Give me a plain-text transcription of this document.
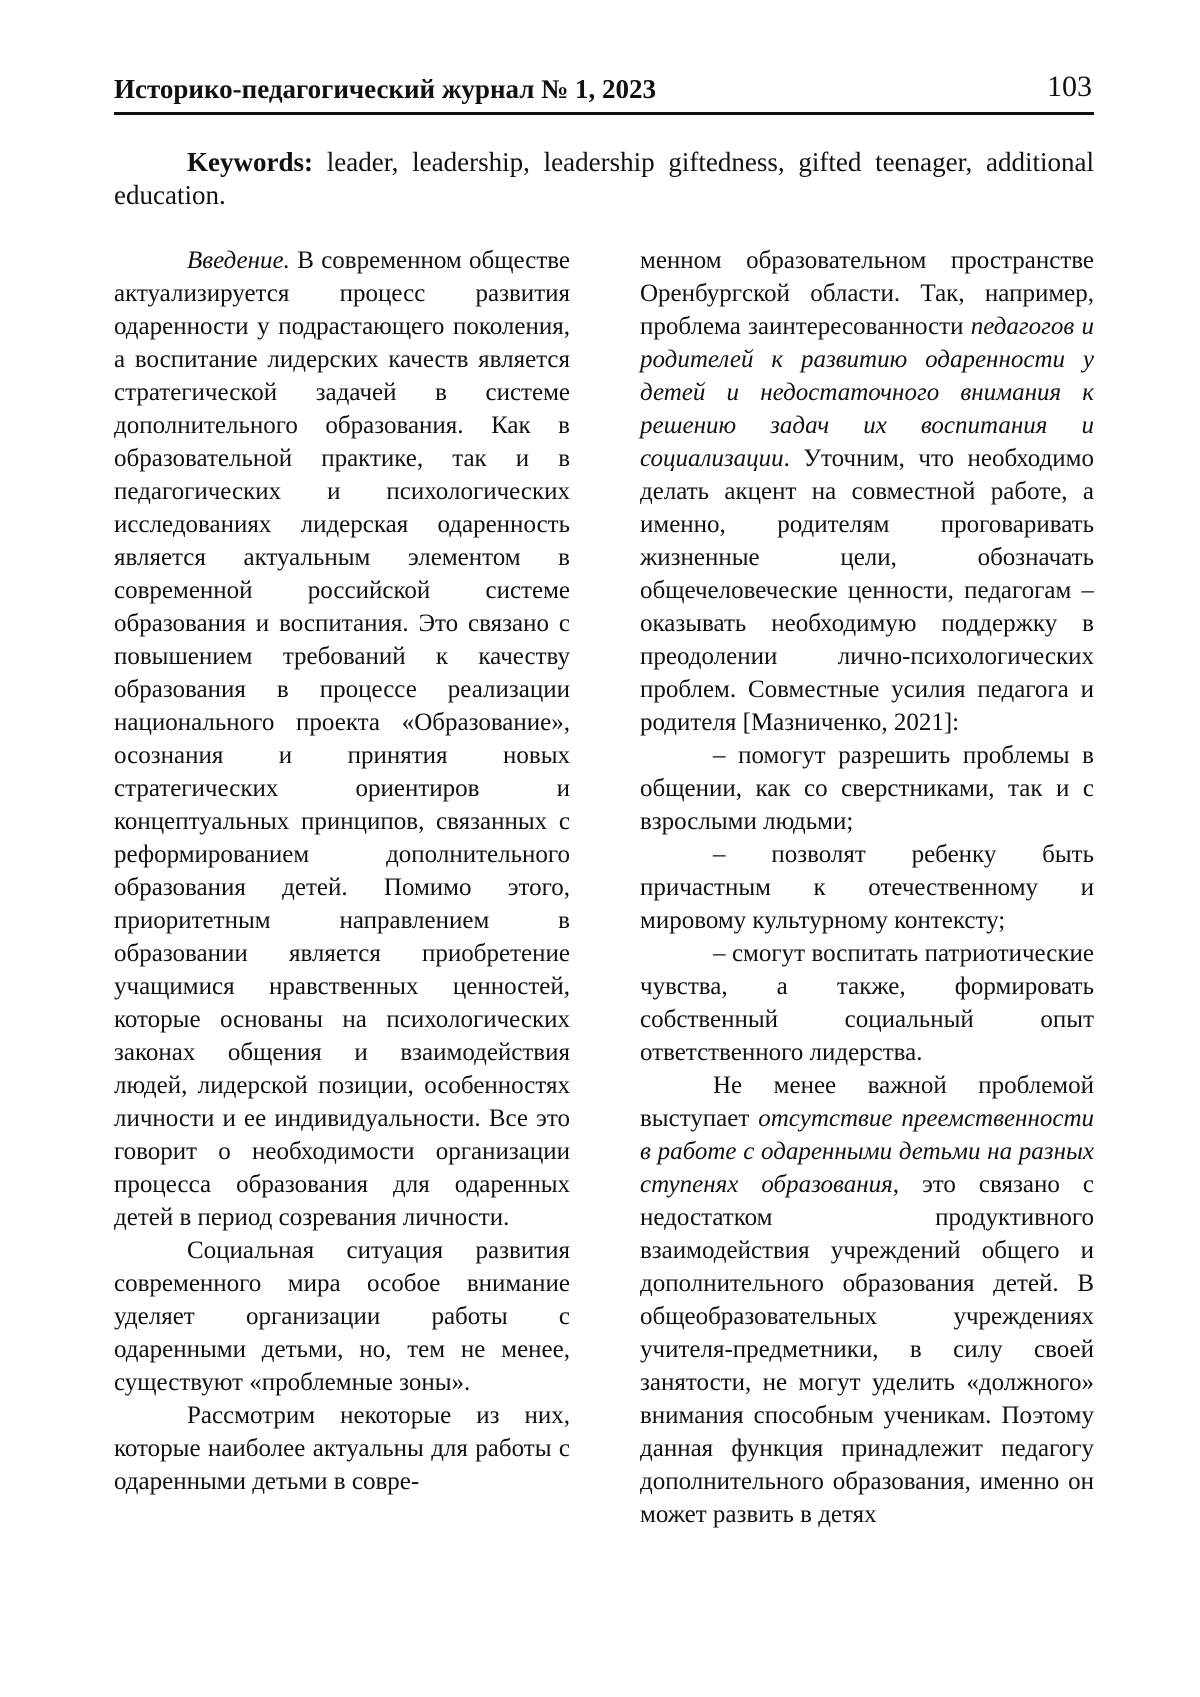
Историко-педагогический журнал № 1, 2023	103
Keywords: leader, leadership, leadership giftedness, gifted teenager, additional education.

Введение. В современном обществе актуализируется процесс развития одаренности у подрастающего поколения, а воспитание лидерских качеств является стратегической задачей в системе дополнительного образования. Как в образовательной практике, так и в педагогических и психологических исследованиях лидерская одаренность является актуальным элементом в современной российской системе образования и воспитания. Это связано с повышением требований к качеству образования в процессе реализации национального проекта «Образование», осознания и принятия новых стратегических ориентиров и концептуальных принципов, связанных с реформированием дополнительного образования детей. Помимо этого, приоритетным направлением в образовании является приобретение учащимися нравственных ценностей, которые основаны на психологических законах общения и взаимодействия людей, лидерской позиции, особенностях личности и ее индивидуальности. Все это говорит о необходимости организации процесса образования для одаренных детей в период созревания личности.

Социальная ситуация развития современного мира особое внимание уделяет организации работы с одаренными детьми, но, тем не менее, существуют «проблемные зоны».

Рассмотрим некоторые из них, которые наиболее актуальны для работы с одаренными детьми в совре-

менном образовательном пространстве Оренбургской области. Так, например, проблема заинтересованности педагогов и родителей к развитию одаренности у детей и недостаточного внимания к решению задач их воспитания и социализации. Уточним, что необходимо делать акцент на совместной работе, а именно, родителям проговаривать жизненные цели, обозначать общечеловеческие ценности, педагогам – оказывать необходимую поддержку в преодолении лично-психологических проблем. Совместные усилия педагога и родителя [Мазниченко, 2021]:

– помогут разрешить проблемы в общении, как со сверстниками, так и с взрослыми людьми;

– позволят ребенку быть причастным к отечественному и мировому культурному контексту;

– смогут воспитать патриотические чувства, а также, формировать собственный социальный опыт ответственного лидерства.

Не менее важной проблемой выступает отсутствие преемственности в работе с одаренными детьми на разных ступенях образования, это связано с недостатком продуктивного взаимодействия учреждений общего и дополнительного образования детей. В общеобразовательных учреждениях учителя-предметники, в силу своей занятости, не могут уделить «должного» внимания способным ученикам. Поэтому данная функция принадлежит педагогу дополнительного образования, именно он может развить в детях
